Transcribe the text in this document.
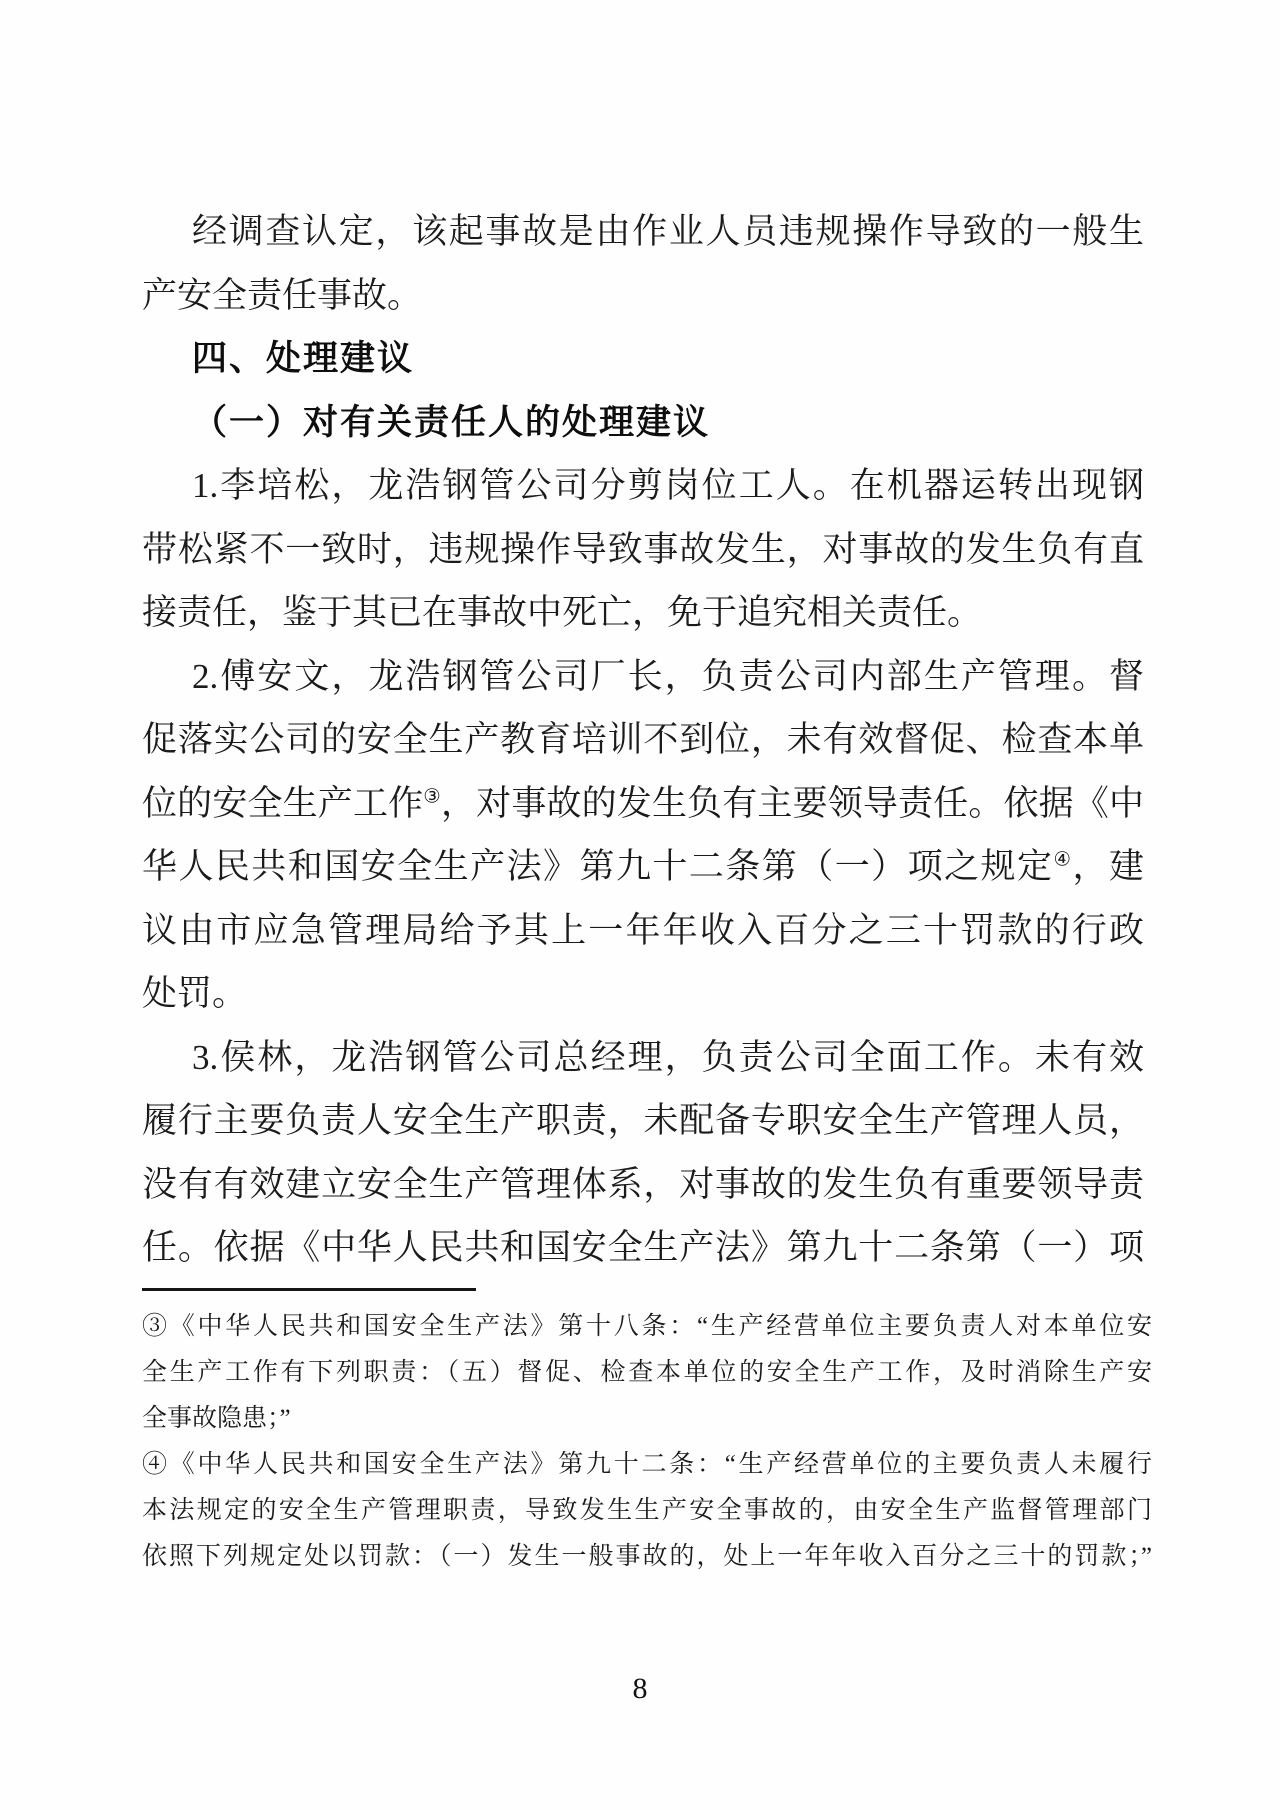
经调查认定，该起事故是由作业人员违规操作导致的一般生
产安全责任事故。
四、处理建议
（一）对有关责任人的处理建议
1.李培松，龙浩钢管公司分剪岗位工人。在机器运转出现钢
带松紧不一致时，违规操作导致事故发生，对事故的发生负有直
接责任，鉴于其已在事故中死亡，免于追究相关责任。
2.傅安文，龙浩钢管公司厂长，负责公司内部生产管理。督
促落实公司的安全生产教育培训不到位，未有效督促、检查本单
位的安全生产工作③，对事故的发生负有主要领导责任。依据《中
华人民共和国安全生产法》第九十二条第（一）项之规定④，建
议由市应急管理局给予其上一年年收入百分之三十罚款的行政
处罚。
3.侯林，龙浩钢管公司总经理，负责公司全面工作。未有效
履行主要负责人安全生产职责，未配备专职安全生产管理人员，
没有有效建立安全生产管理体系，对事故的发生负有重要领导责
任。依据《中华人民共和国安全生产法》第九十二条第（一）项
③《中华人民共和国安全生产法》第十八条：“生产经营单位主要负责人对本单位安
全生产工作有下列职责：（五）督促、检查本单位的安全生产工作，及时消除生产安
全事故隐患；”
④《中华人民共和国安全生产法》第九十二条：“生产经营单位的主要负责人未履行
本法规定的安全生产管理职责，导致发生生产安全事故的，由安全生产监督管理部门
依照下列规定处以罚款：（一）发生一般事故的，处上一年年收入百分之三十的罚款；”
8
